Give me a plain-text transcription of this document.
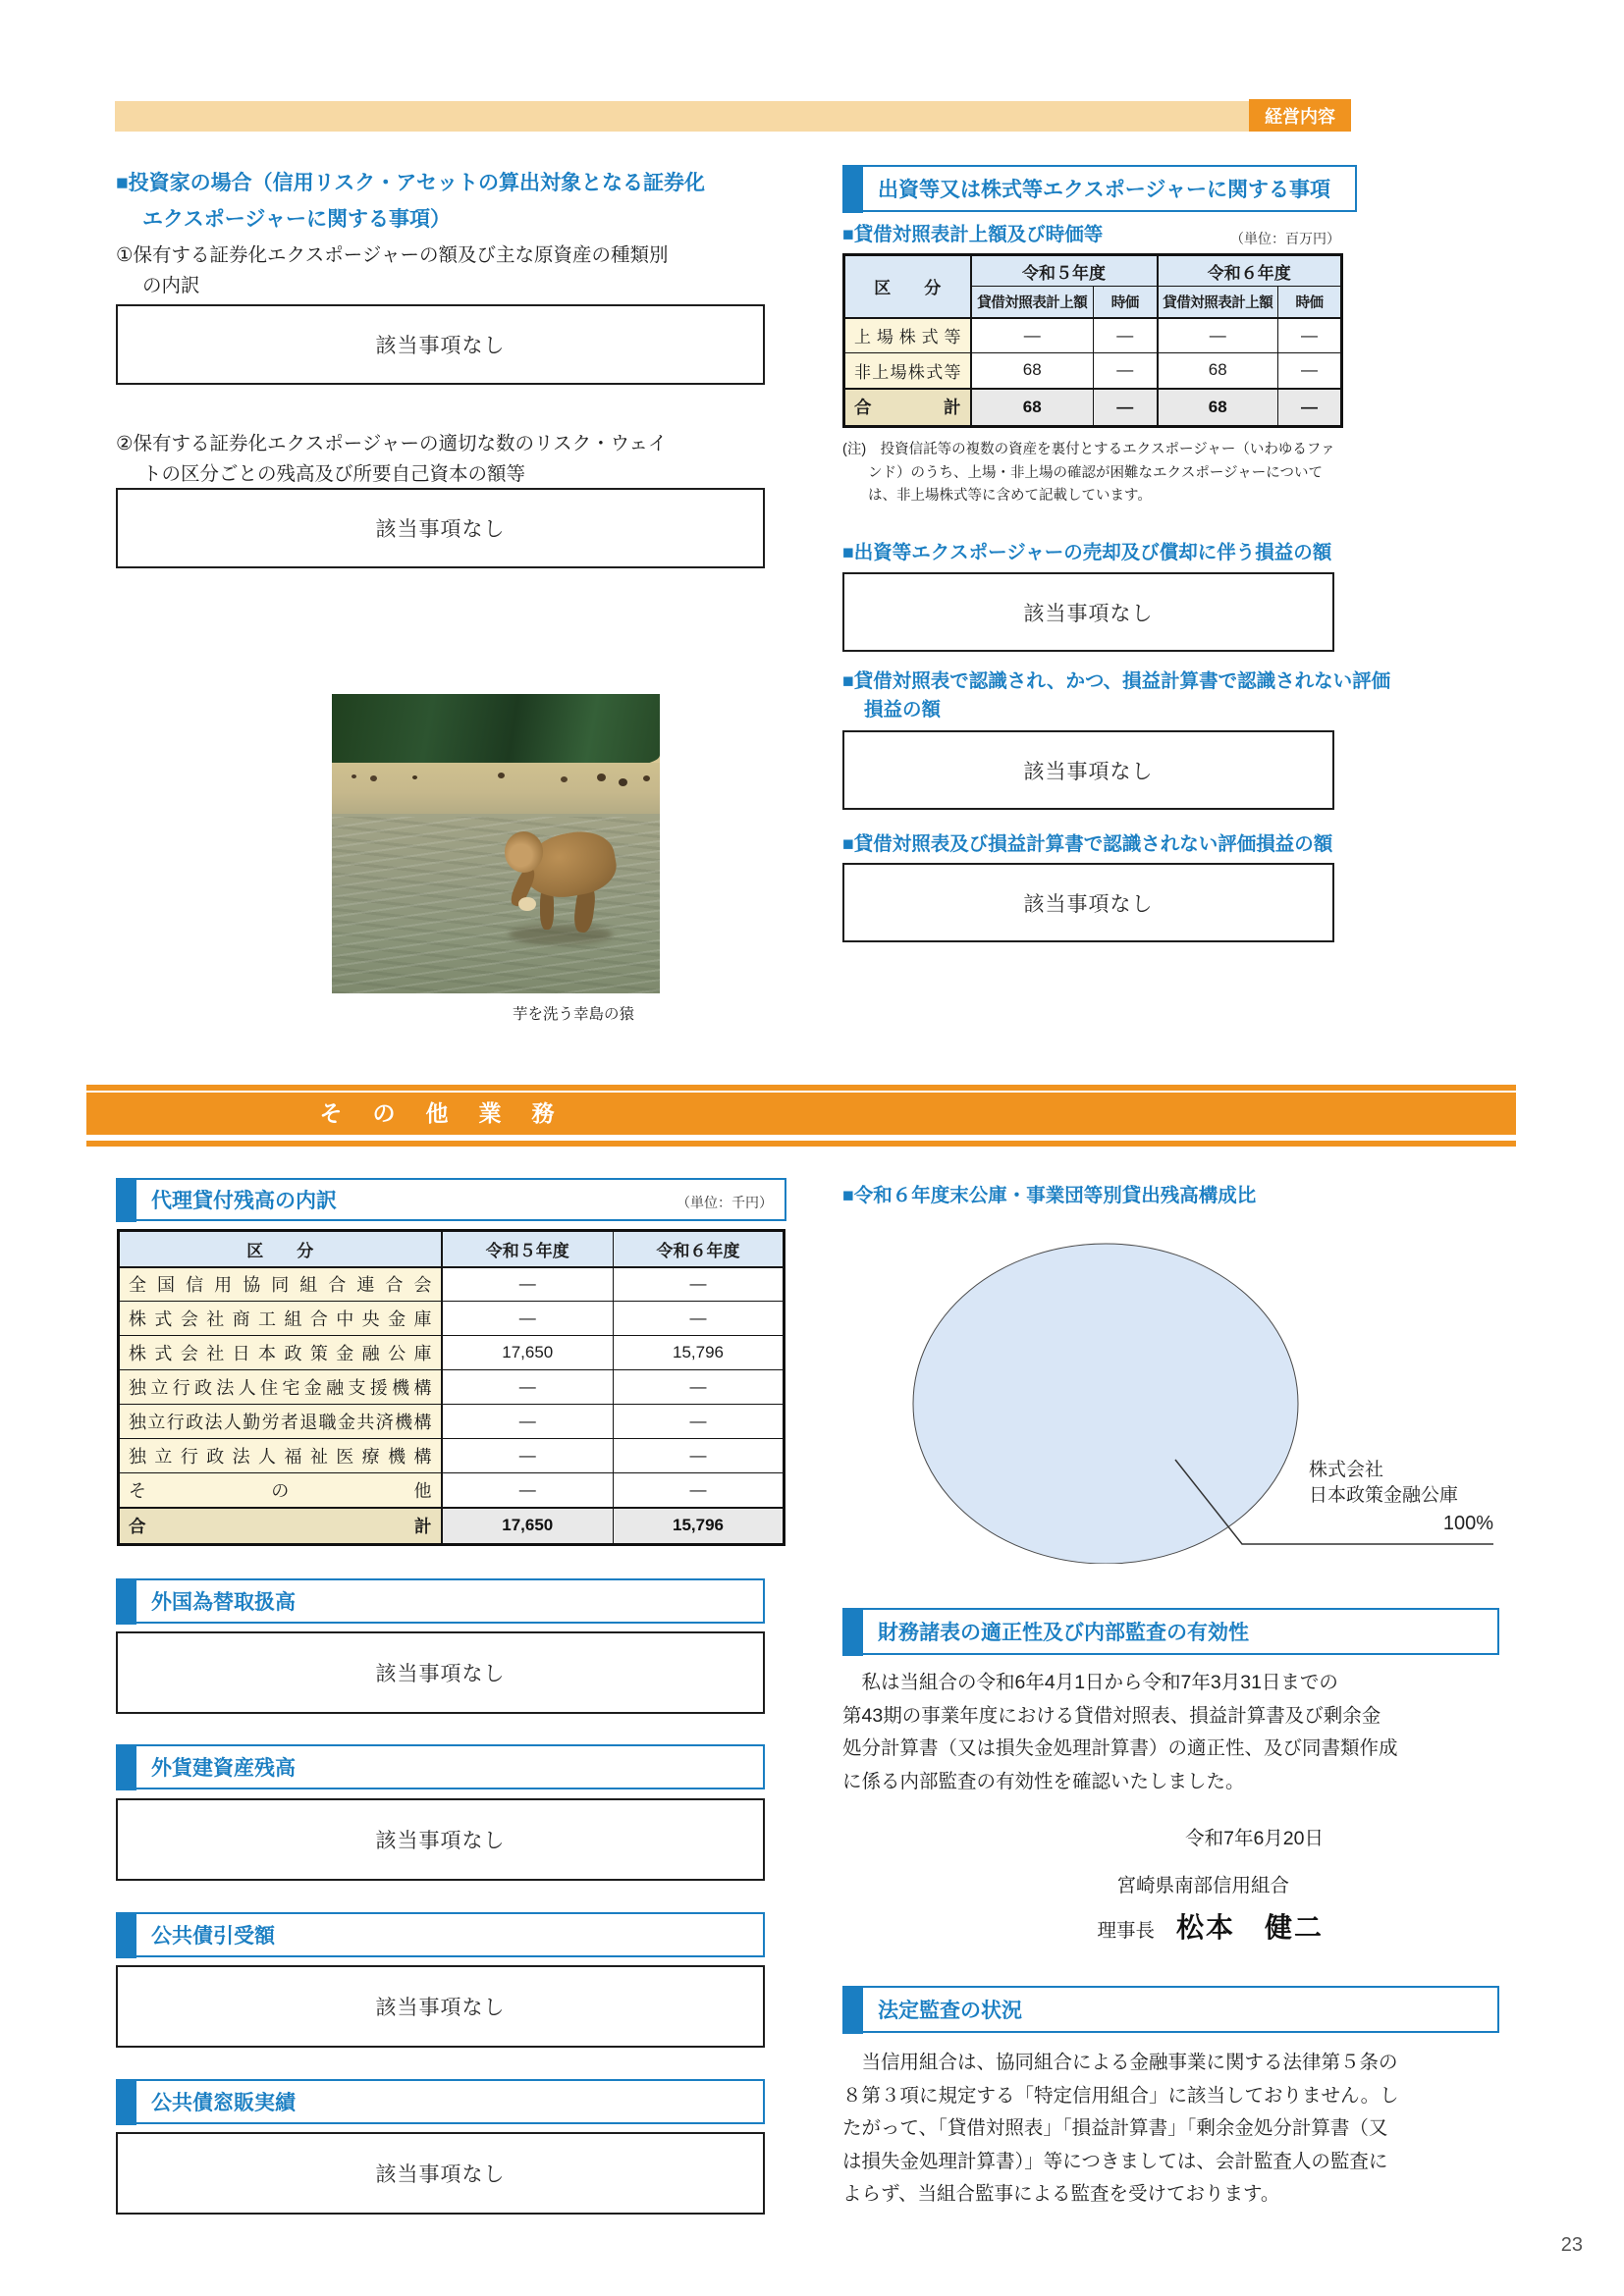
経営内容
■投資家の場合（信用リスク・アセットの算出対象となる証券化
エクスポージャーに関する事項）
①保有する証券化エクスポージャーの額及び主な原資産の種類別
の内訳
該当事項なし
②保有する証券化エクスポージャーの適切な数のリスク・ウェイ
トの区分ごとの残高及び所要自己資本の額等
該当事項なし
芋を洗う幸島の猿
出資等又は株式等エクスポージャーに関する事項
■貸借対照表計上額及び時価等	（単位：百万円）
区　　分	令和５年度		令和６年度	
	貸借対照表計上額	時価	貸借対照表計上額	時価
上場株式等	—	—	—	—
非上場株式等	68	—	68	—
合計	68	—	68	—
(注)　投資信託等の複数の資産を裏付とするエクスポージャー（いわゆるファ
ンド）のうち、上場・非上場の確認が困難なエクスポージャーについて
は、非上場株式等に含めて記載しています。
■出資等エクスポージャーの売却及び償却に伴う損益の額
該当事項なし
■貸借対照表で認識され、かつ、損益計算書で認識されない評価
損益の額
該当事項なし
■貸借対照表及び損益計算書で認識されない評価損益の額
該当事項なし
そ　の　他　業　務
代理貸付残高の内訳	（単位：千円）
区　　分	令和５年度	令和６年度
全国信用協同組合連合会	—	—
株式会社商工組合中央金庫	—	—
株式会社日本政策金融公庫	17,650	15,796
独立行政法人住宅金融支援機構	—	—
独立行政法人勤労者退職金共済機構	—	—
独立行政法人福祉医療機構	—	—
その他	—	—
合計	17,650	15,796
■令和６年度末公庫・事業団等別貸出残高構成比
株式会社
日本政策金融公庫
100%
外国為替取扱高
該当事項なし
外貨建資産残高
該当事項なし
公共債引受額
該当事項なし
公共債窓販実績
該当事項なし
財務諸表の適正性及び内部監査の有効性
　私は当組合の令和6年4月1日から令和7年3月31日までの
第43期の事業年度における貸借対照表、損益計算書及び剰余金
処分計算書（又は損失金処理計算書）の適正性、及び同書類作成
に係る内部監査の有効性を確認いたしました。
令和7年6月20日
宮崎県南部信用組合
理事長 松本　健二
法定監査の状況
　当信用組合は、協同組合による金融事業に関する法律第５条の
８第３項に規定する「特定信用組合」に該当しておりません。し
たがって、「貸借対照表」「損益計算書」「剰余金処分計算書（又
は損失金処理計算書）」等につきましては、会計監査人の監査に
よらず、当組合監事による監査を受けております。
23
